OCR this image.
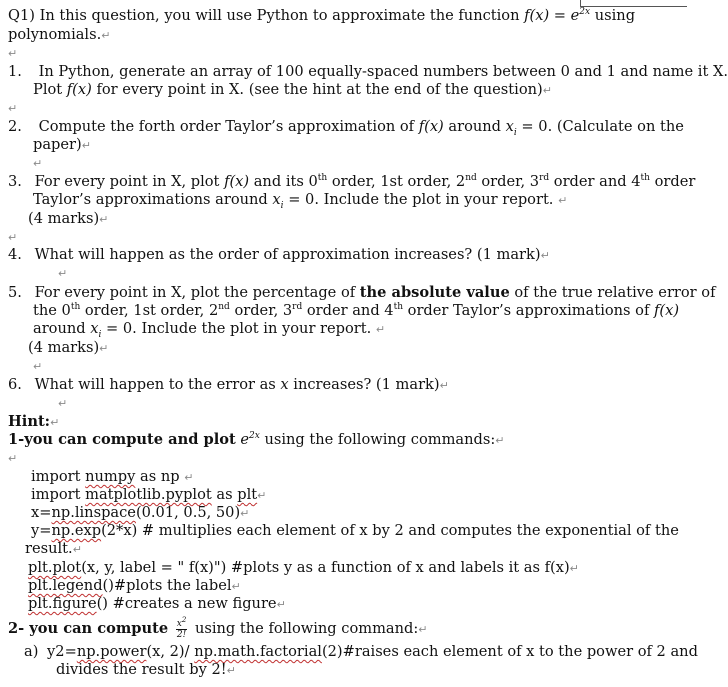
Q1) In this question, you will use Python to approximate the function $f(x) = e^{2x}$ using
polynomials.↵
↵
1. In Python, generate an array of 100 equally-spaced numbers between 0 and 1 and name it X.
Plot f(x) for every point in X. (see the hint at the end of the question)↵
↵
2. Compute the forth order Taylor’s approximation of f(x) around $x_i = 0$. (Calculate on the
paper)↵
↵
3. For every point in X, plot f(x) and its 0th order, 1st order, 2nd order, 3rd order and 4th order
Taylor’s approximations around $x_i = 0$. Include the plot in your report. ↵
(4 marks)↵
↵
4. What will happen as the order of approximation increases? (1 mark)↵
↵
5. For every point in X, plot the percentage of the absolute value of the true relative error of
the 0th order, 1st order, 2nd order, 3rd order and 4th order Taylor’s approximations of f(x)
around $x_i = 0$. Include the plot in your report. ↵
(4 marks)↵
↵
6. What will happen to the error as x increases? (1 mark)↵
↵
Hint:↵
1-you can compute and plot $e^{2x}$ using the following commands:↵
↵
import numpy as np ↵
import matplotlib.pyplot as plt↵
x=np.linspace(0.01, 0.5, 50)↵
y=np.exp(2*x) # multiplies each element of x by 2 and computes the exponential of the
result.↵
plt.plot(x, y, label = " f(x)") #plots y as a function of x and labels it as f(x)↵
plt.legend()#plots the label↵
plt.figure() #creates a new figure↵
2- you can compute $\frac{x^2}{2!}$ using the following command:↵
a) y2=np.power(x, 2)/ np.math.factorial(2)#raises each element of x to the power of 2 and
divides the result by 2!↵
